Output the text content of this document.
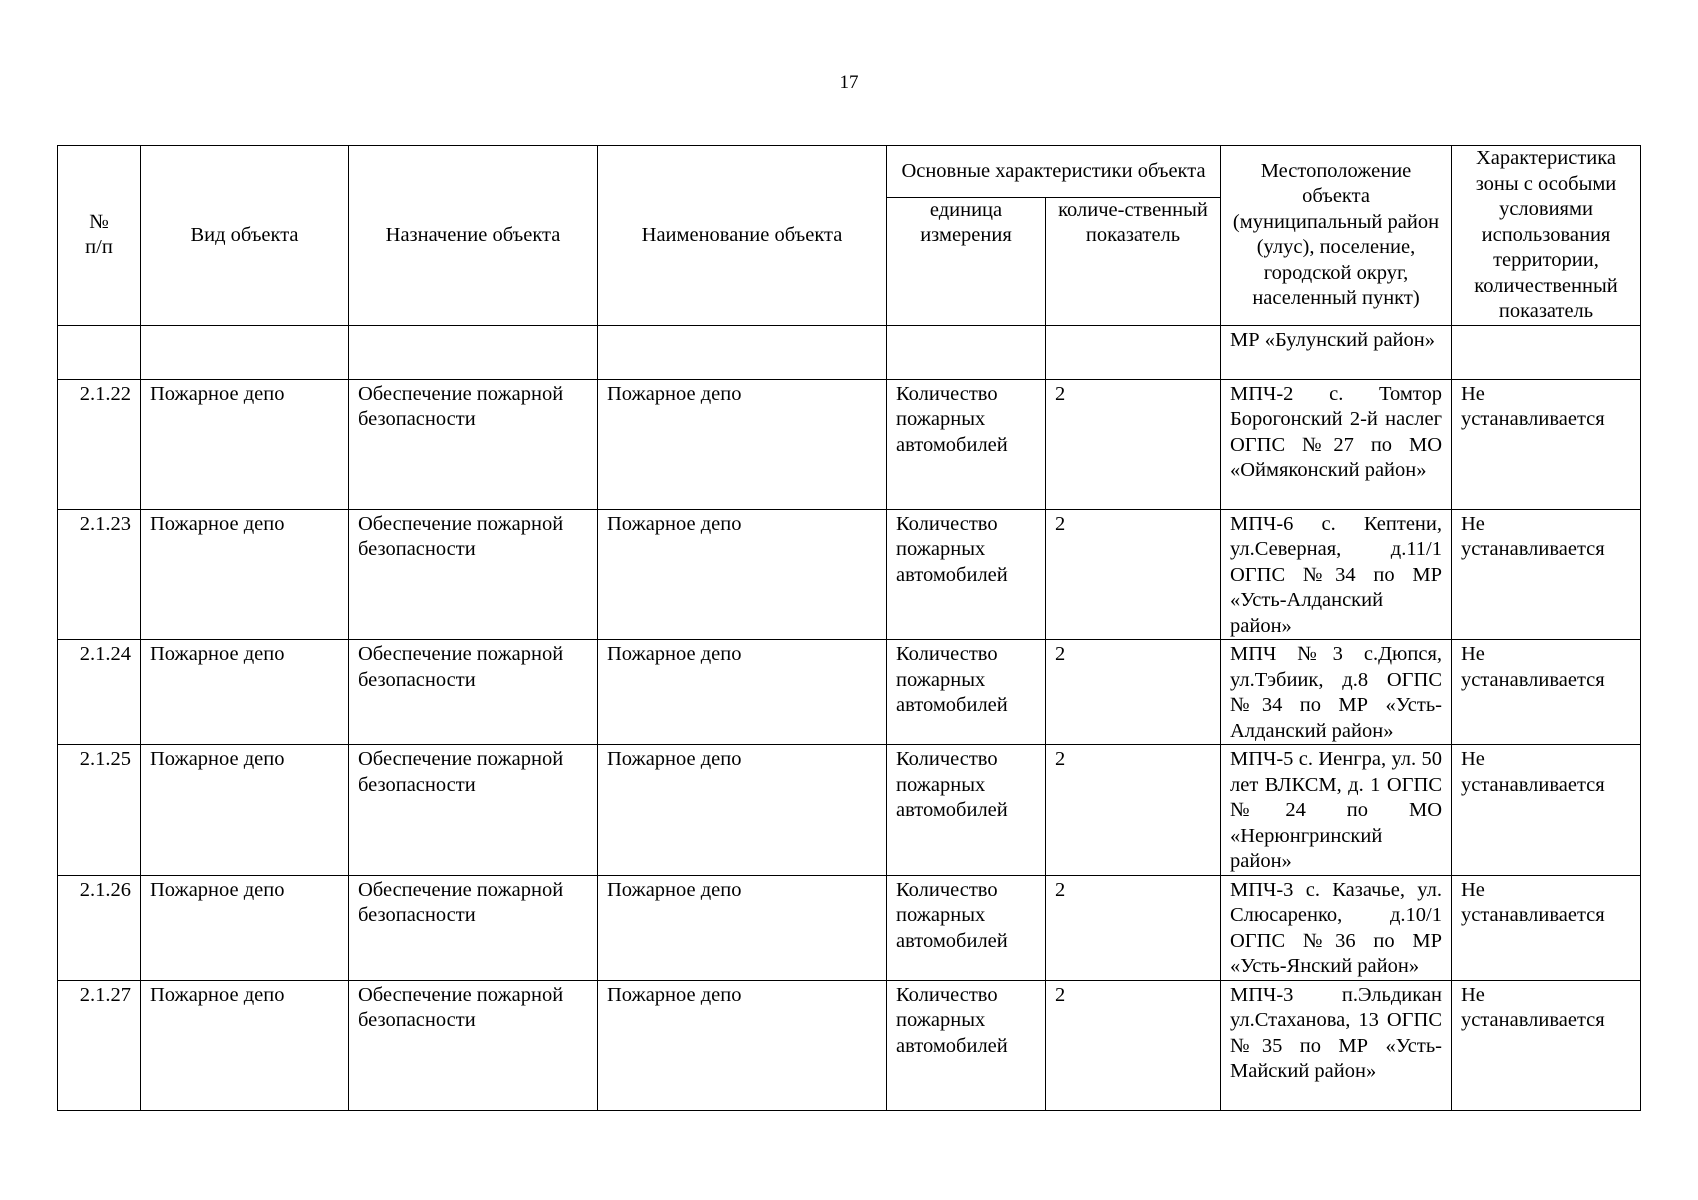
17
№
п/п	Вид объекта	Назначение объекта	Наименование объекта	Основные характеристики объекта		Местоположение объекта (муниципальный район (улус), поселение, городской округ, населенный пункт)	Характеристика зоны с особыми условиями использования территории, количественный показатель
				единица измерения	количе-ственный показатель		
						МР «Булунский район»	
2.1.22	Пожарное депо	Обеспечение пожарной безопасности	Пожарное депо	Количество пожарных автомобилей	2	МПЧ-2 с. Томтор Борогонский 2-й наслег ОГПС №27 по МО «Оймяконский район»	Не устанавливается
2.1.23	Пожарное депо	Обеспечение пожарной безопасности	Пожарное депо	Количество пожарных автомобилей	2	МПЧ-6 с. Кептени, ул.Северная, д.11/1 ОГПС №34 по МР «Усть-Алданский район»	Не устанавливается
2.1.24	Пожарное депо	Обеспечение пожарной безопасности	Пожарное депо	Количество пожарных автомобилей	2	МПЧ №3 с.Дюпся, ул.Тэбиик, д.8 ОГПС №34 по МР «Усть-Алданский район»	Не устанавливается
2.1.25	Пожарное депо	Обеспечение пожарной безопасности	Пожарное депо	Количество пожарных автомобилей	2	МПЧ-5 с. Иенгра, ул. 50 лет ВЛКСМ, д. 1 ОГПС №24 по МО «Нерюнгринский район»	Не устанавливается
2.1.26	Пожарное депо	Обеспечение пожарной безопасности	Пожарное депо	Количество пожарных автомобилей	2	МПЧ-3 с. Казачье, ул. Слюсаренко, д.10/1 ОГПС №36 по МР «Усть-Янский район»	Не устанавливается
2.1.27	Пожарное депо	Обеспечение пожарной безопасности	Пожарное депо	Количество пожарных автомобилей	2	МПЧ-3 п.Эльдикан ул.Стаханова, 13 ОГПС №35 по МР «Усть-Майский район»	Не устанавливается
